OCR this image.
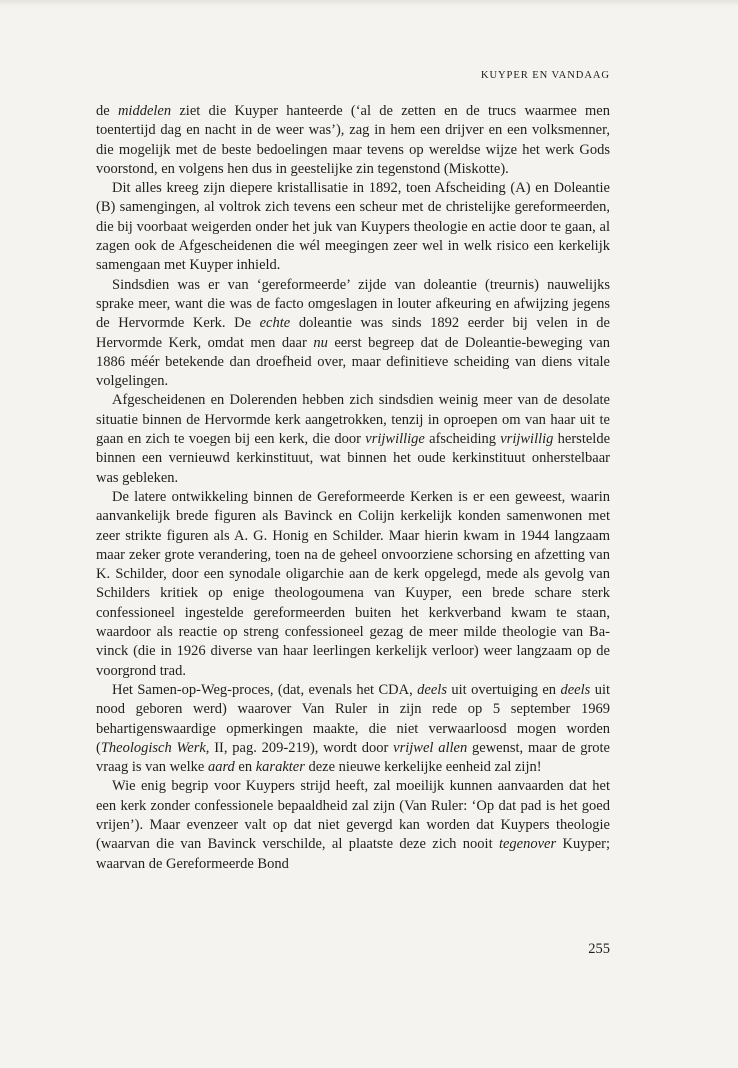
KUYPER EN VANDAAG

de middelen ziet die Kuyper hanteerde (‘al de zetten en de trucs waarmee men toentertijd dag en nacht in de weer was’), zag in hem een drijver en een volksmenner, die mogelijk met de beste bedoelingen maar tevens op wereldse wijze het werk Gods voorstond, en volgens hen dus in geestelijke zin tegenstond (Miskotte).

Dit alles kreeg zijn diepere kristallisatie in 1892, toen Afscheiding (A) en Doleantie (B) samengingen, al voltrok zich tevens een scheur met de christelijke gereformeerden, die bij voorbaat weigerden onder het juk van Kuypers theologie en actie door te gaan, al zagen ook de Afgescheidenen die wél meegingen zeer wel in welk risico een kerkelijk samengaan met Kuyper inhield.

Sindsdien was er van ‘gereformeerde’ zijde van doleantie (treurnis) nauwelijks sprake meer, want die was de facto omgeslagen in louter afkeuring en afwijzing jegens de Hervormde Kerk. De echte doleantie was sinds 1892 eerder bij velen in de Hervormde Kerk, omdat men daar nu eerst begreep dat de Doleantie-beweging van 1886 méér betekende dan droefheid over, maar definitieve scheiding van diens vitale volgelingen.

Afgescheidenen en Dolerenden hebben zich sindsdien weinig meer van de desolate situatie binnen de Hervormde kerk aangetrokken, tenzij in oproepen om van haar uit te gaan en zich te voegen bij een kerk, die door vrijwillige afscheiding vrijwillig herstelde binnen een vernieuwd kerkinstituut, wat binnen het oude kerkinstituut onherstelbaar was gebleken.

De latere ontwikkeling binnen de Gereformeerde Kerken is er een geweest, waarin aanvankelijk brede figuren als Bavinck en Colijn kerkelijk konden samenwonen met zeer strikte figuren als A. G. Honig en Schilder. Maar hierin kwam in 1944 langzaam maar zeker grote verandering, toen na de geheel onvoorziene schorsing en afzetting van K. Schilder, door een synodale oligarchie aan de kerk opgelegd, mede als gevolg van Schilders kritiek op enige theologoumena van Kuyper, een brede schare sterk confessioneel ingestelde gereformeerden buiten het kerkverband kwam te staan, waardoor als reactie op streng confessioneel gezag de meer milde theologie van Bavinck (die in 1926 diverse van haar leerlingen kerkelijk verloor) weer langzaam op de voorgrond trad.

Het Samen-op-Weg-proces, (dat, evenals het CDA, deels uit overtuiging en deels uit nood geboren werd) waarover Van Ruler in zijn rede op 5 september 1969 behartigenswaardige opmerkingen maakte, die niet verwaarloosd mogen worden (Theologisch Werk, II, pag. 209-219), wordt door vrijwel allen gewenst, maar de grote vraag is van welke aard en karakter deze nieuwe kerkelijke eenheid zal zijn!

Wie enig begrip voor Kuypers strijd heeft, zal moeilijk kunnen aanvaarden dat het een kerk zonder confessionele bepaaldheid zal zijn (Van Ruler: ‘Op dat pad is het goed vrijen’). Maar evenzeer valt op dat niet gevergd kan worden dat Kuypers theologie (waarvan die van Bavinck verschilde, al plaatste deze zich nooit tegenover Kuyper; waarvan de Gereformeerde Bond

255
